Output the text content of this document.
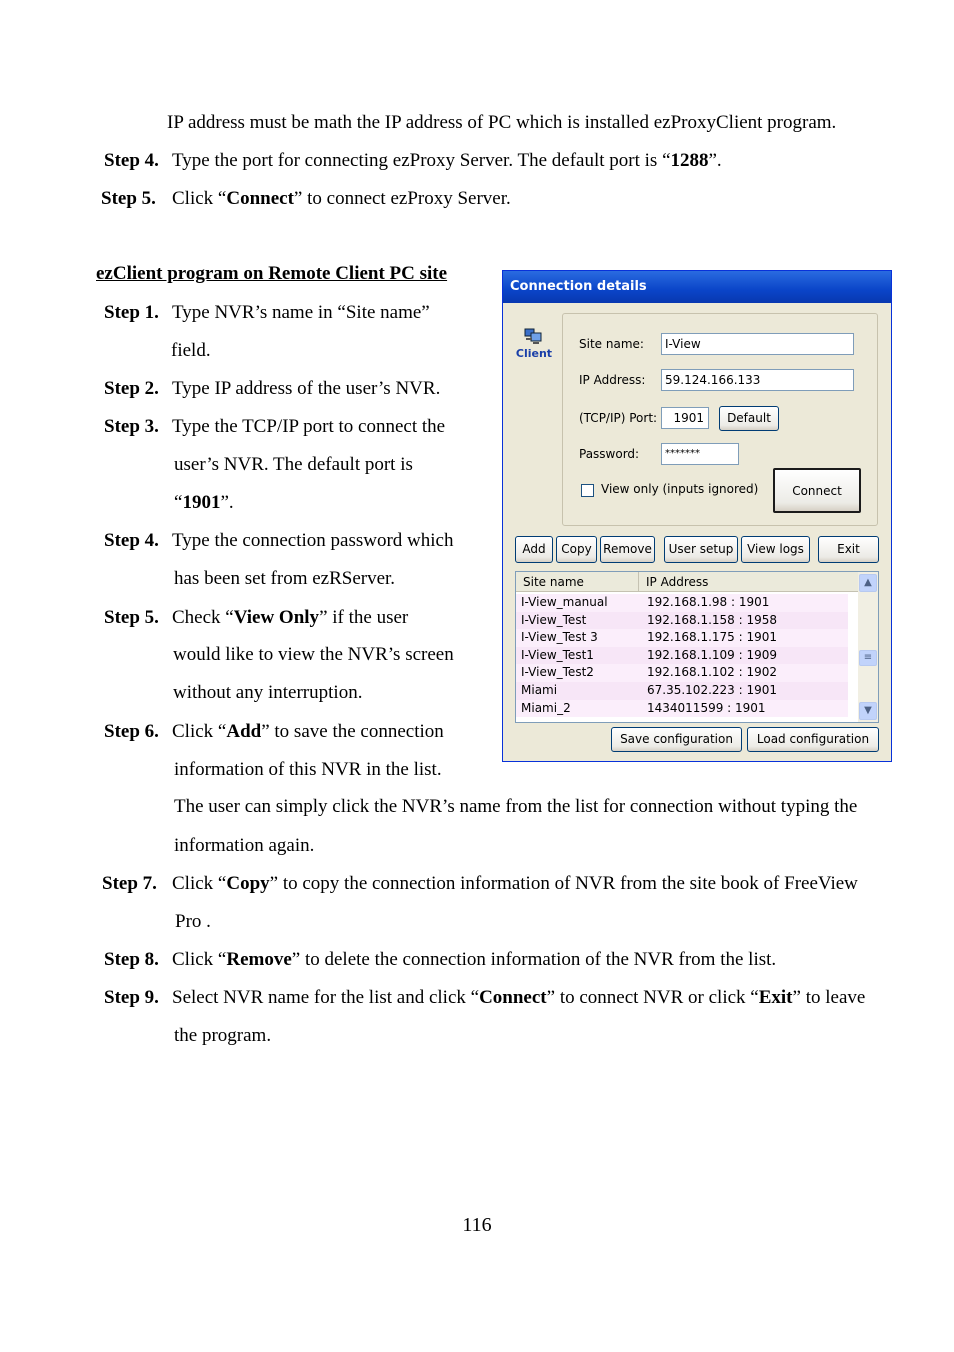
IP address must be math the IP address of PC which is installed ezProxyClient program.
Step 4. Type the port for connecting ezProxy Server. The default port is “1288”.
Step 5. Click “Connect” to connect ezProxy Server.
ezClient program on Remote Client PC site
Step 1. Type NVR’s name in “Site name”
field.
Step 2. Type IP address of the user’s NVR.
Step 3. Type the TCP/IP port to connect the
user’s NVR. The default port is
“1901”.
Step 4. Type the connection password which
has been set from ezRServer.
Step 5. Check “View Only” if the user
would like to view the NVR’s screen
without any interruption.
Step 6. Click “Add” to save the connection
information of this NVR in the list.
The user can simply click the NVR’s name from the list for connection without typing the
information again.
Step 7. Click “Copy” to copy the connection information of NVR from the site book of FreeView
Pro .
Step 8. Click “Remove” to delete the connection information of the NVR from the list.
Step 9. Select NVR name for the list and click “Connect” to connect NVR or click “Exit” to leave
the program.
116
Connection details
Client
Site name:	I-View
IP Address:	59.124.166.133
(TCP/IP) Port:	1901	Default
Password:	*******
View only (inputs ignored)	Connect
Add	Copy Remove	User setup	View logs	Exit
Site name	IP Address
I-View_manual	192.168.1.98 : 1901
I-View_Test	192.168.1.158 : 1958
I-View_Test 3	192.168.1.175 : 1901
I-View_Test1	192.168.1.109 : 1909
I-View_Test2	192.168.1.102 : 1902
Miami	67.35.102.223 : 1901
Miami_2	1434011599 : 1901
▲
≡
▼
Save configuration	Load configuration
